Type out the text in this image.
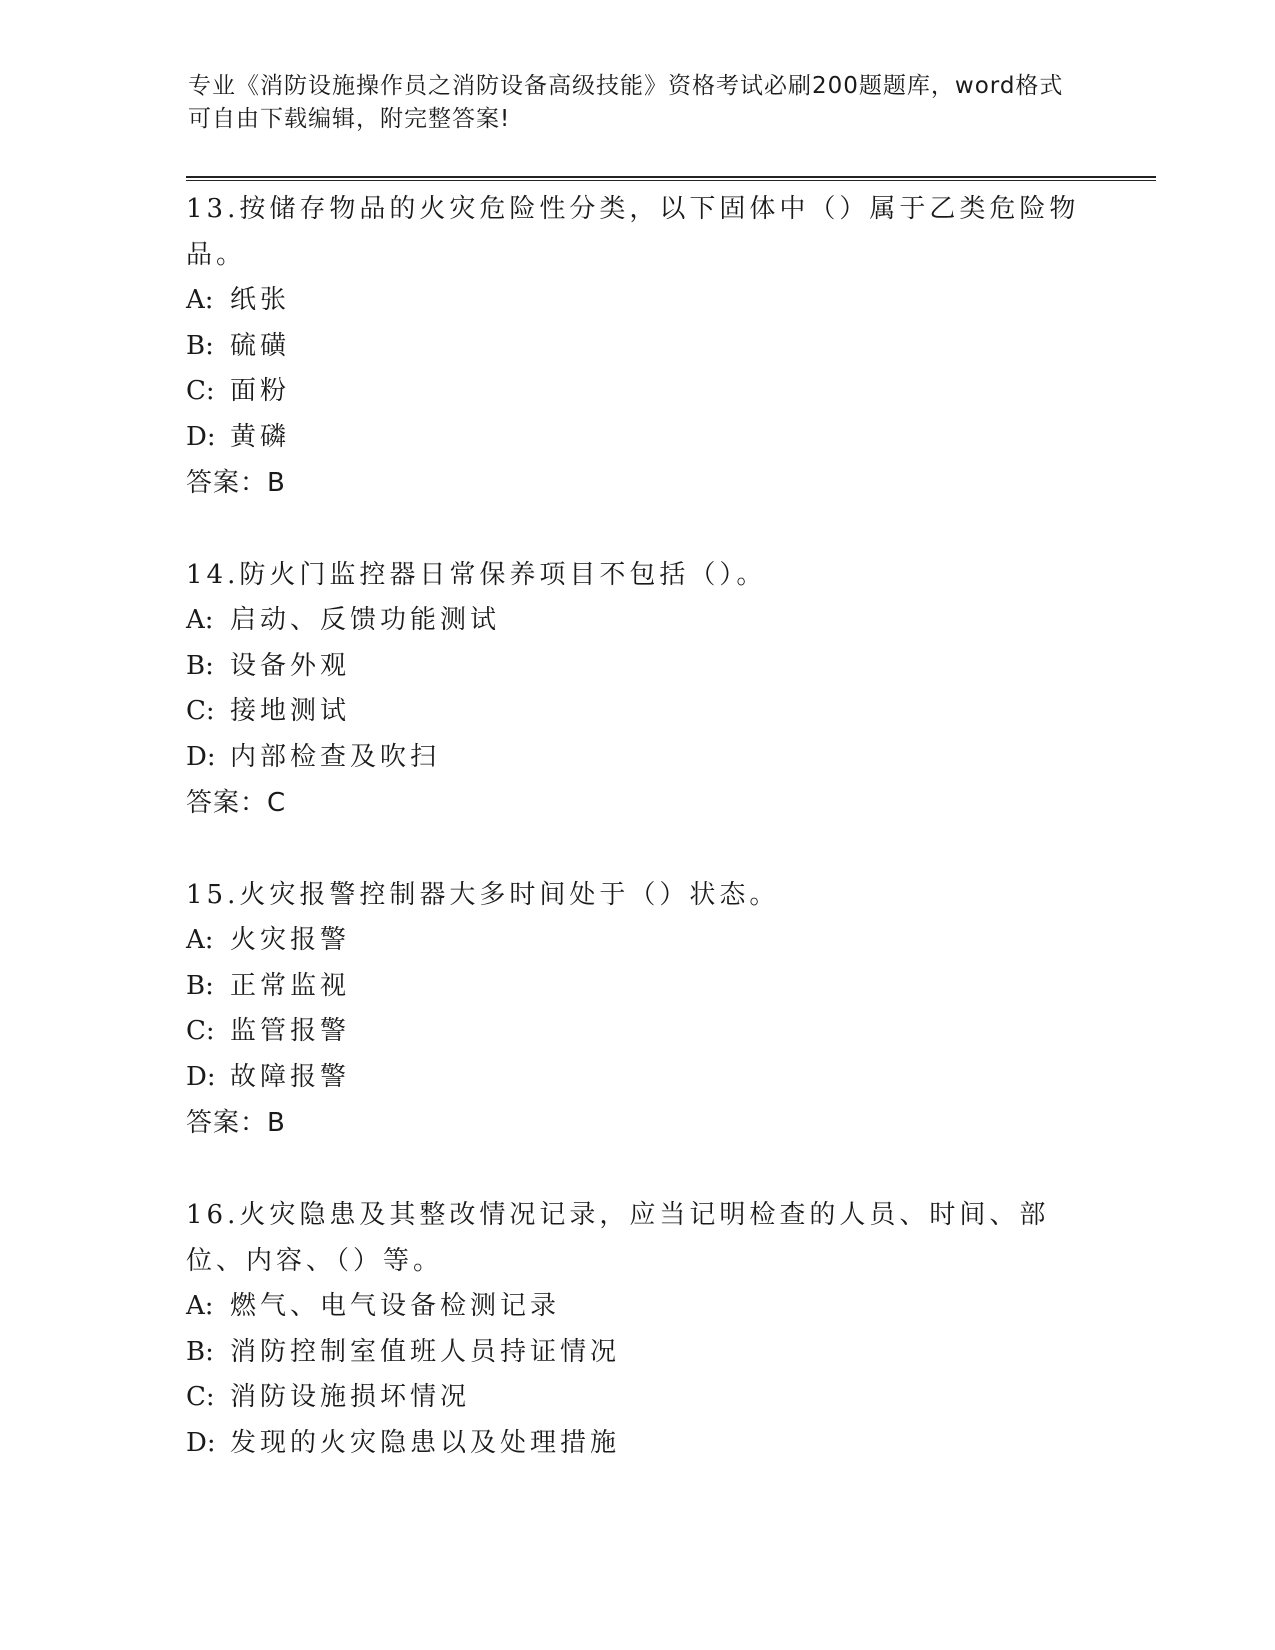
专业《消防设施操作员之消防设备高级技能》资格考试必刷200题题库，word格式可自由下载编辑，附完整答案!
13.按储存物品的火灾危险性分类，以下固体中（）属于乙类危险物品。
A: 纸张
B: 硫磺
C: 面粉
D: 黄磷
答案：B
14.防火门监控器日常保养项目不包括（）。
A: 启动、反馈功能测试
B: 设备外观
C: 接地测试
D: 内部检查及吹扫
答案：C
15.火灾报警控制器大多时间处于（）状态。
A: 火灾报警
B: 正常监视
C: 监管报警
D: 故障报警
答案：B
16.火灾隐患及其整改情况记录，应当记明检查的人员、时间、部位、内容、（）等。
A: 燃气、电气设备检测记录
B: 消防控制室值班人员持证情况
C: 消防设施损坏情况
D: 发现的火灾隐患以及处理措施
